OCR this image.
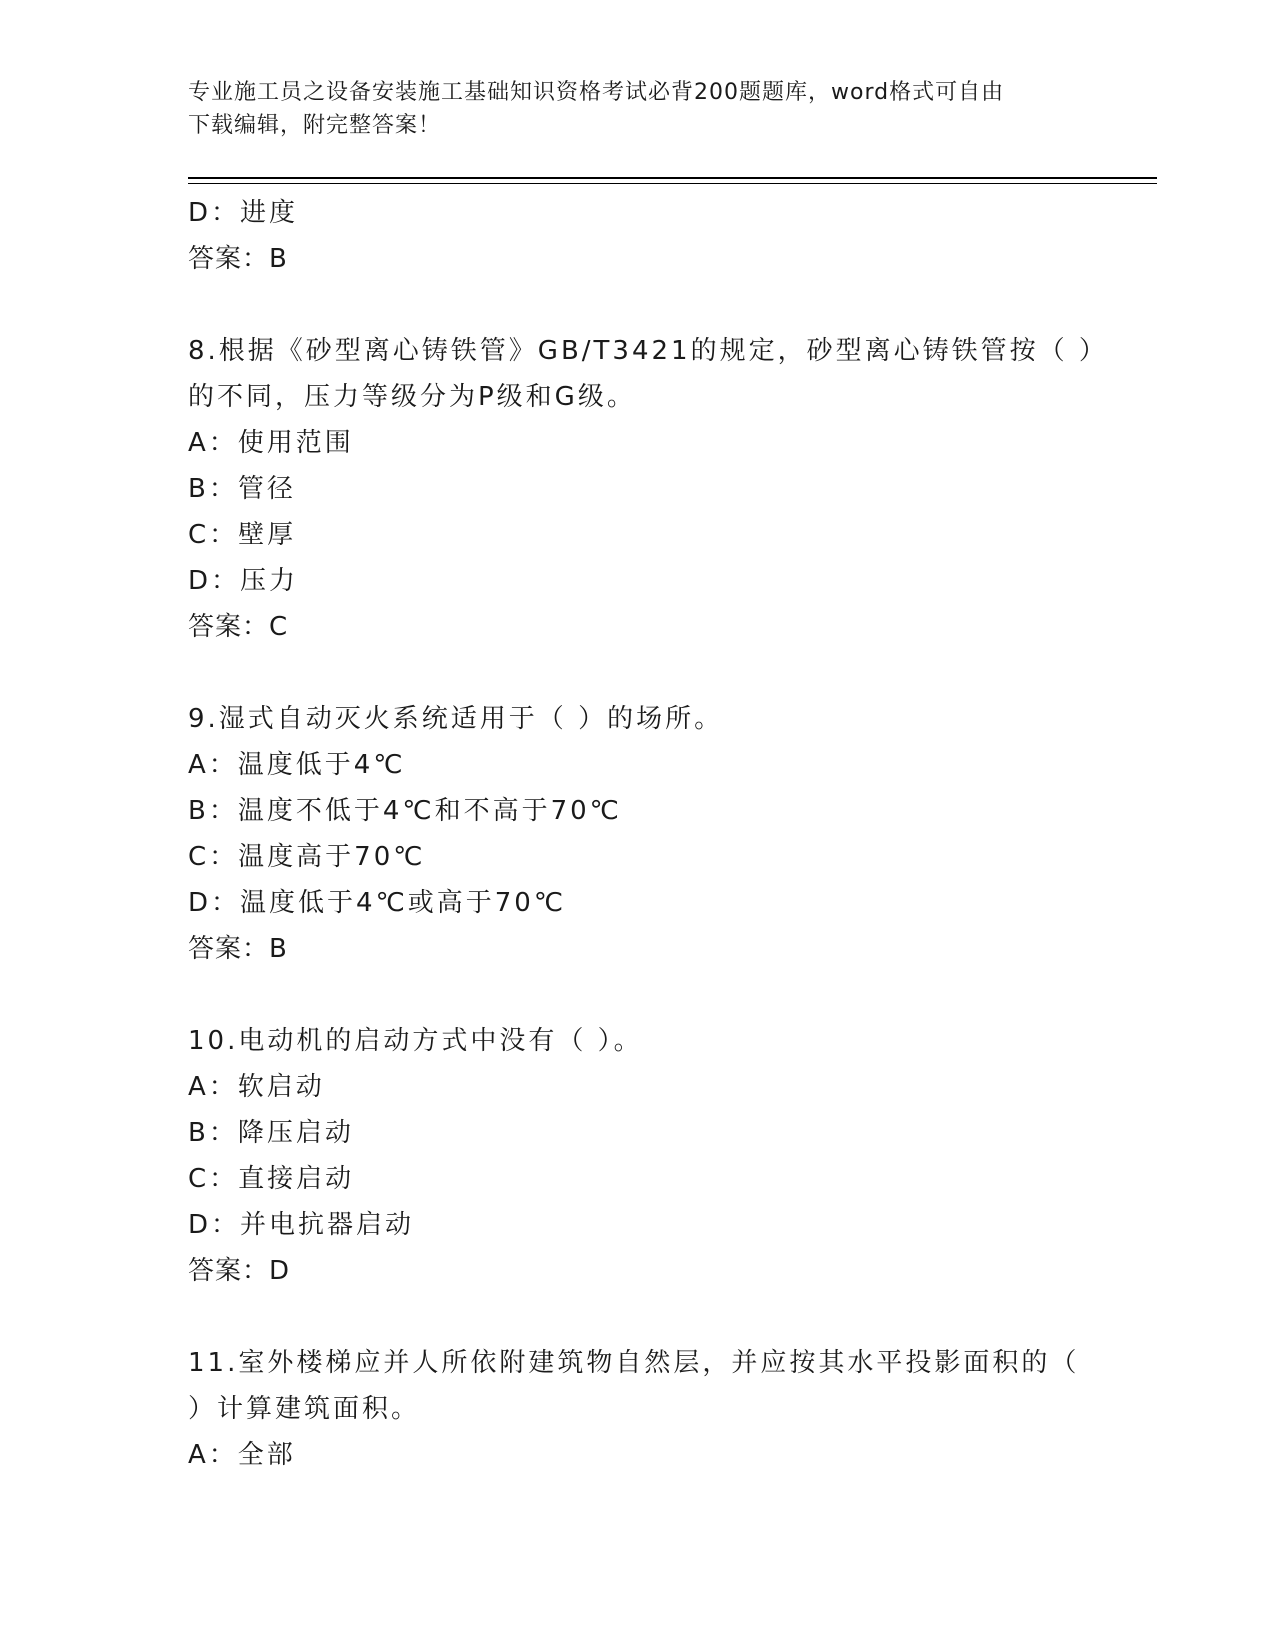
专业施工员之设备安装施工基础知识资格考试必背200题题库，word格式可自由
下载编辑，附完整答案！
D：进度
答案：B
8.根据《砂型离心铸铁管》GB/T3421的规定，砂型离心铸铁管按（ ）
的不同，压力等级分为P级和G级。
A：使用范围
B：管径
C：壁厚
D：压力
答案：C
9.湿式自动灭火系统适用于（ ）的场所。
A：温度低于4℃
B：温度不低于4℃和不高于70℃
C：温度高于70℃
D：温度低于4℃或高于70℃
答案：B
10.电动机的启动方式中没有（ ）。
A：软启动
B：降压启动
C：直接启动
D：并电抗器启动
答案：D
11.室外楼梯应并人所依附建筑物自然层，并应按其水平投影面积的（
）计算建筑面积。
A：全部
